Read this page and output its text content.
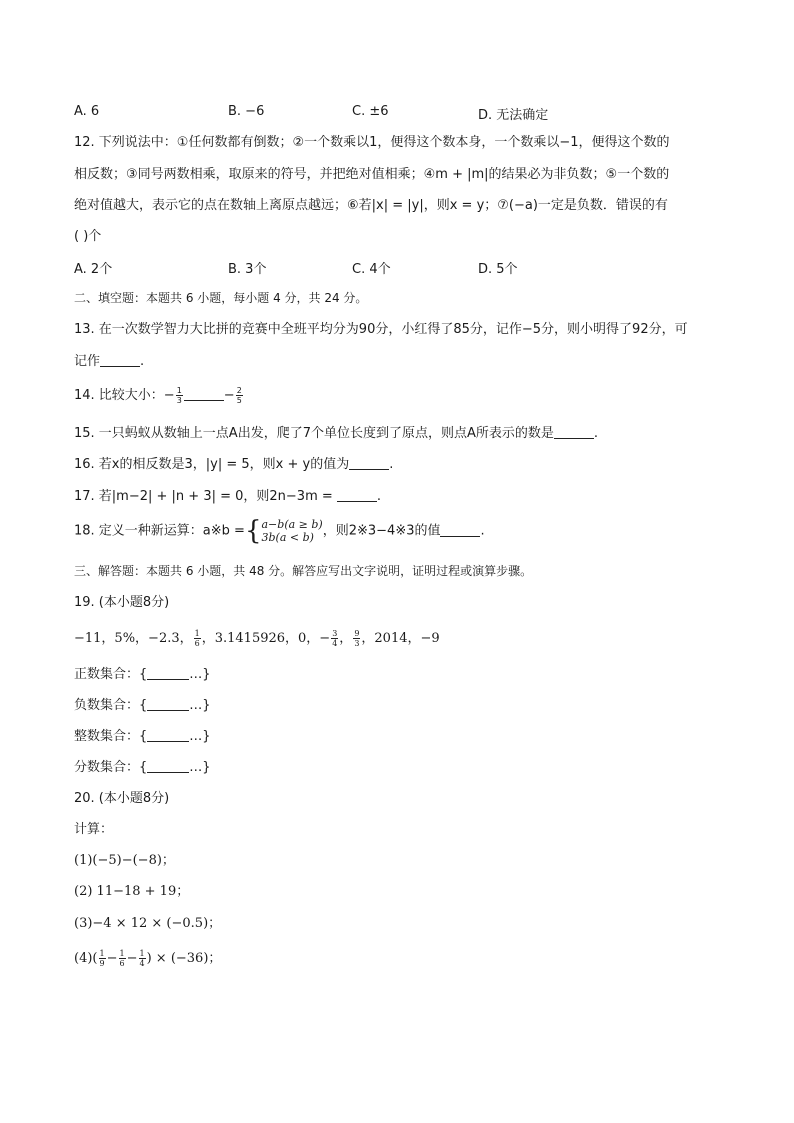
A. 6	B. −6	C. ±6	D. 无法确定
12. 下列说法中：①任何数都有倒数；②一个数乘以1，便得这个数本身，一个数乘以−1，便得这个数的
相反数；③同号两数相乘，取原来的符号，并把绝对值相乘；④m + |m|的结果必为非负数；⑤一个数的
绝对值越大，表示它的点在数轴上离原点越远；⑥若|x| = |y|，则x = y；⑦(−a)一定是负数．错误的有
( )个
A. 2个	B. 3个	C. 4个	D. 5个
二、填空题：本题共 6 小题，每小题 4 分，共 24 分。
13. 在一次数学智力大比拼的竞赛中全班平均分为90分，小红得了85分，记作−5分，则小明得了92分，可
记作	.
14. 比较大小：− $\frac{1}{3}$	− $\frac{2}{5}$
15. 一只蚂蚁从数轴上一点A出发，爬了7个单位长度到了原点，则点A所表示的数是	.
16. 若x的相反数是3，|y| = 5，则x + y的值为	.
17. 若|m−2| + |n + 3| = 0，则2n−3m =	.
18. 定义一种新运算：a※b ={ a−b(a ≥ b)
3b(a < b) ，则2※3−4※3的值	.
三、解答题：本题共 6 小题，共 48 分。解答应写出文字说明，证明过程或演算步骤。
19. (本小题8分)
−11，5%，−2.3， $\frac{1}{6}$ ，3.1415926，0，− $\frac{3}{4}$ ， $\frac{9}{3}$ ，2014，−9
正数集合：{	…}
负数集合：{	…}
整数集合：{	…}
分数集合：{	…}
20. (本小题8分)
计算：
(1)(−5)−(−8)；
(2) 11−18 + 19；
(3)−4 × 12 × (−0.5)；
$(4)( \frac{1}{9} - \frac{1}{6} - \frac{1}{4}$ ) × (−36)；
